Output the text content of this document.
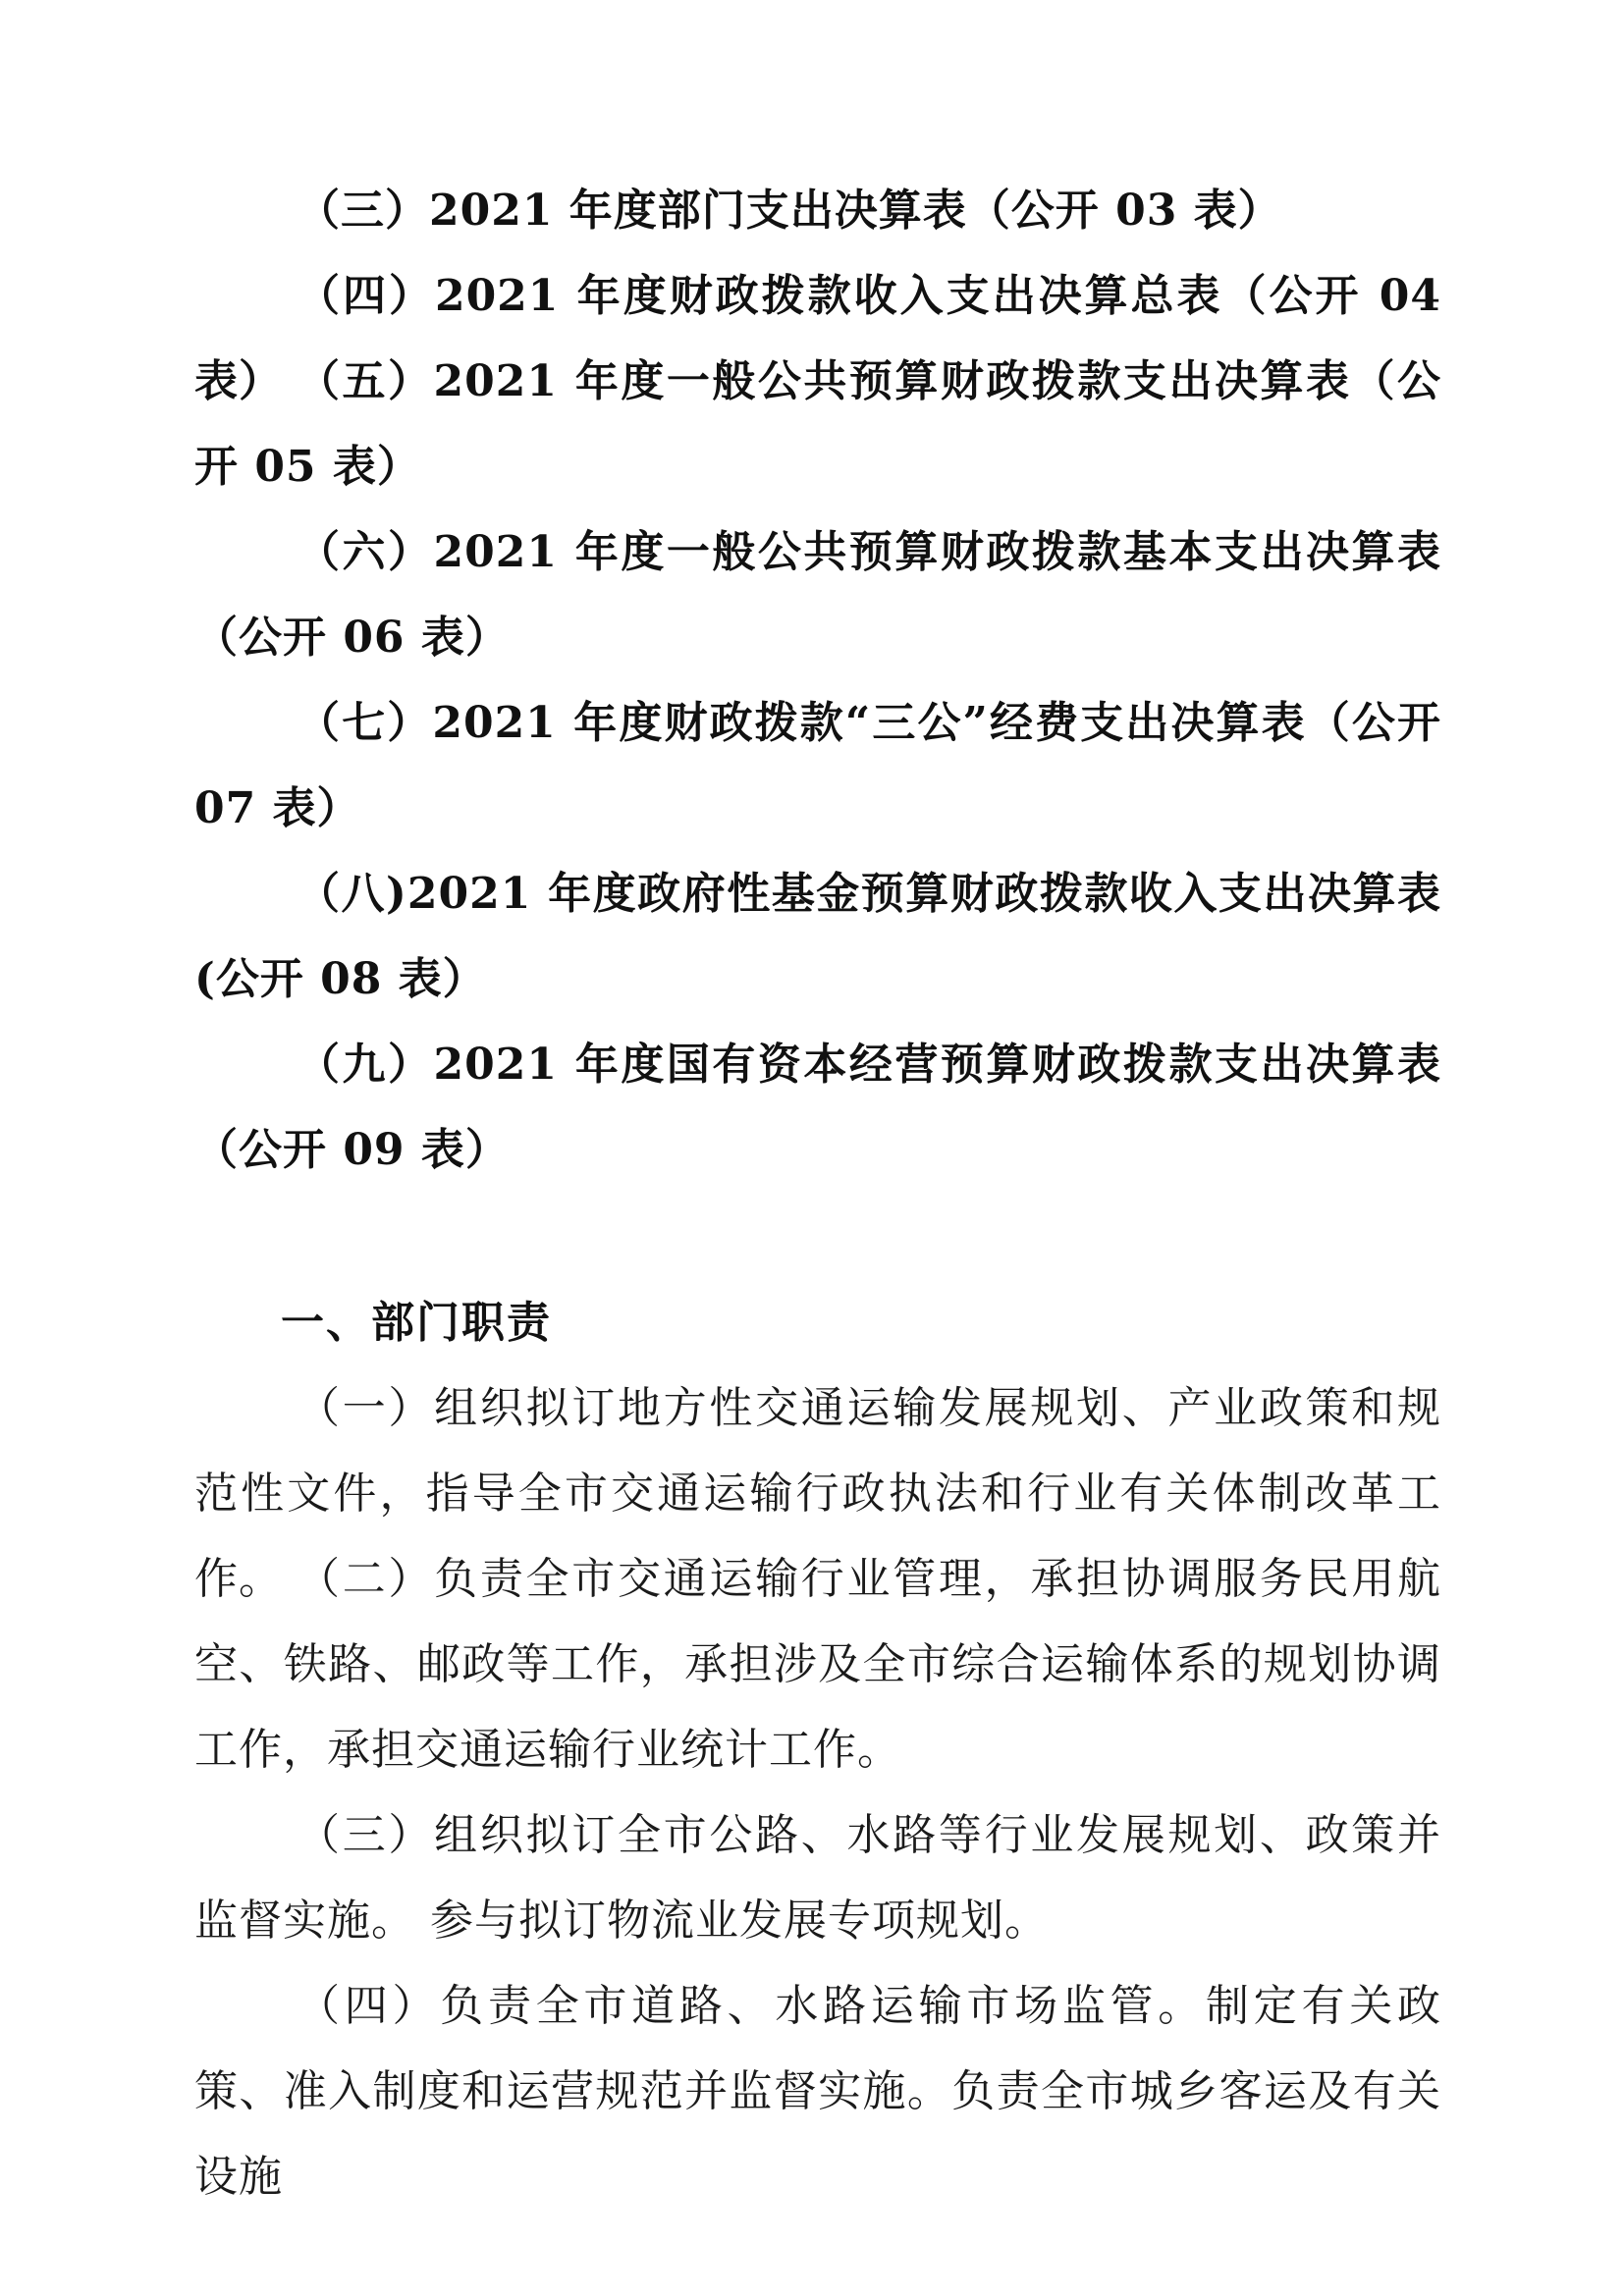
（三）2021 年度部门支出决算表（公开 03 表）

（四）2021 年度财政拨款收入支出决算总表（公开 04 表） （五）2021 年度一般公共预算财政拨款支出决算表（公开 05 表）

（六）2021 年度一般公共预算财政拨款基本支出决算表（公开 06 表）

（七）2021 年度财政拨款“三公”经费支出决算表（公开 07 表）

（八)2021 年度政府性基金预算财政拨款收入支出决算表(公开 08 表）

（九）2021 年度国有资本经营预算财政拨款支出决算表（公开 09 表）

一、部门职责

（一）组织拟订地方性交通运输发展规划、产业政策和规范性文件，指导全市交通运输行政执法和行业有关体制改革工作。 （二）负责全市交通运输行业管理，承担协调服务民用航空、铁路、邮政等工作，承担涉及全市综合运输体系的规划协调工作，承担交通运输行业统计工作。

（三）组织拟订全市公路、水路等行业发展规划、政策并监督实施。 参与拟订物流业发展专项规划。

（四）负责全市道路、水路运输市场监管。制定有关政策、准入制度和运营规范并监督实施。负责全市城乡客运及有关设施
